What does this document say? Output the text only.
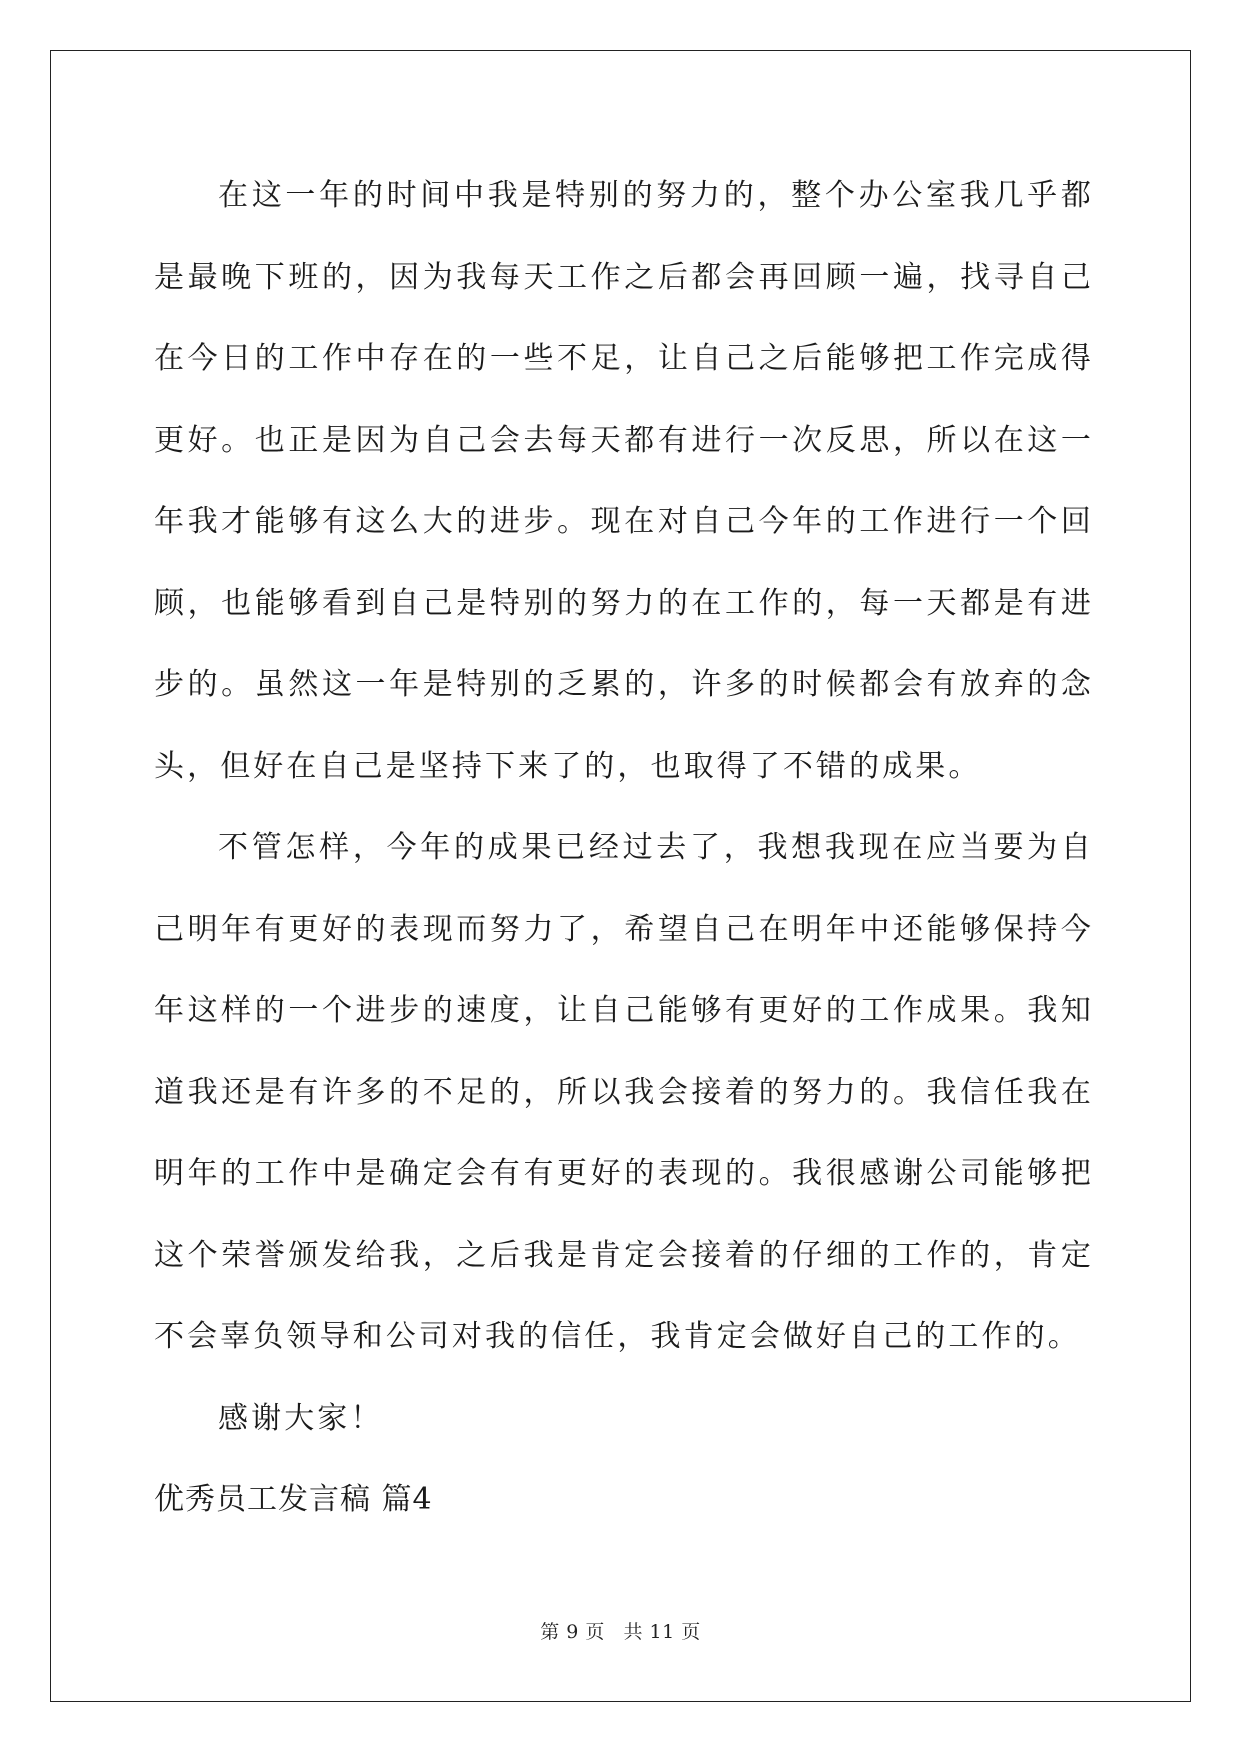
在这一年的时间中我是特别的努力的，整个办公室我几乎都是最晚下班的，因为我每天工作之后都会再回顾一遍，找寻自己在今日的工作中存在的一些不足，让自己之后能够把工作完成得更好。也正是因为自己会去每天都有进行一次反思，所以在这一年我才能够有这么大的进步。现在对自己今年的工作进行一个回顾，也能够看到自己是特别的努力的在工作的，每一天都是有进步的。虽然这一年是特别的乏累的，许多的时候都会有放弃的念头，但好在自己是坚持下来了的，也取得了不错的成果。

不管怎样，今年的成果已经过去了，我想我现在应当要为自己明年有更好的表现而努力了，希望自己在明年中还能够保持今年这样的一个进步的速度，让自己能够有更好的工作成果。我知道我还是有许多的不足的，所以我会接着的努力的。我信任我在明年的工作中是确定会有有更好的表现的。我很感谢公司能够把这个荣誉颁发给我，之后我是肯定会接着的仔细的工作的，肯定不会辜负领导和公司对我的信任，我肯定会做好自己的工作的。

感谢大家！

优秀员工发言稿 篇4

第 9 页 共 11 页
